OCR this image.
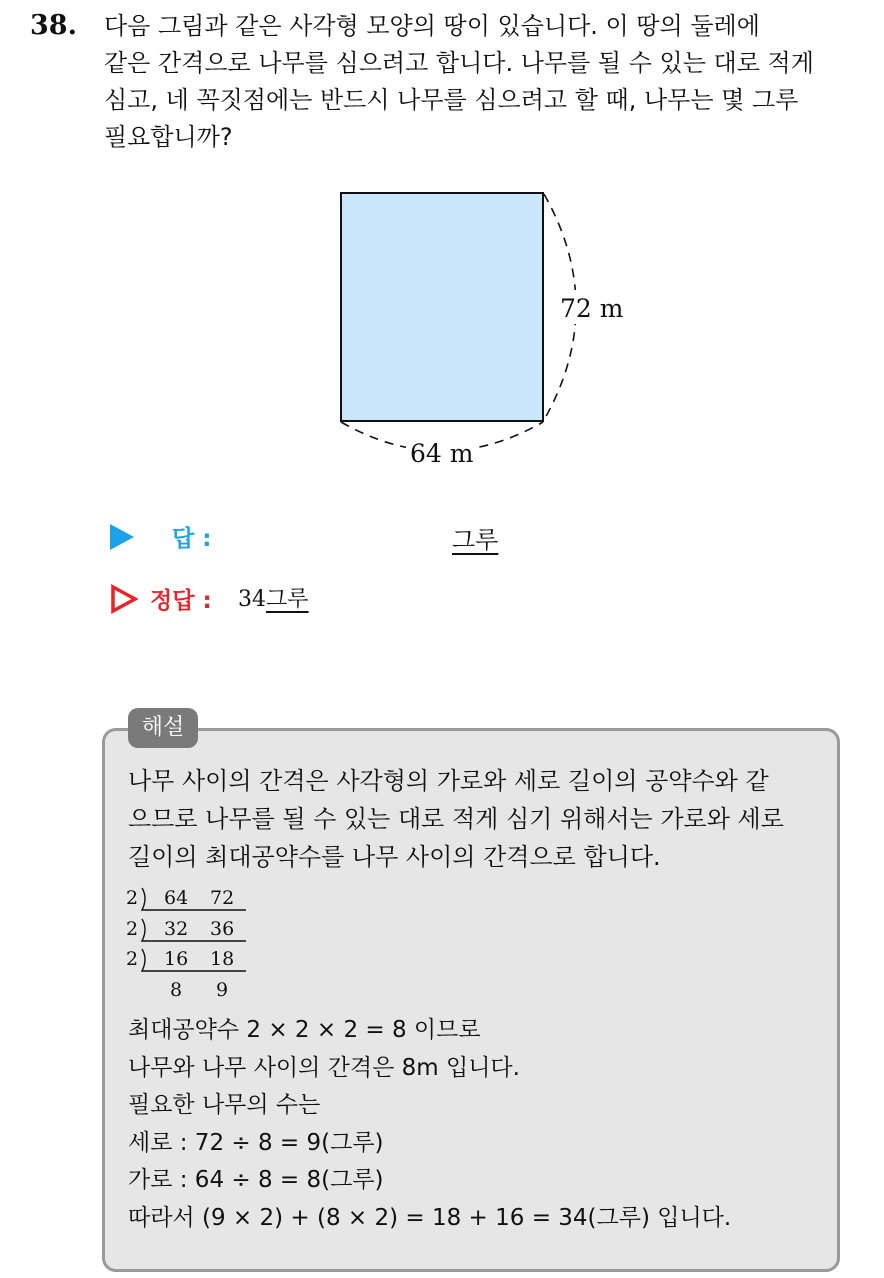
38. 다음 그림과 같은 사각형 모양의 땅이 있습니다. 이 땅의 둘레에
같은 간격으로 나무를 심으려고 합니다. 나무를 될 수 있는 대로 적게
심고, 네 꼭짓점에는 반드시 나무를 심으려고 할 때, 나무는 몇 그루
필요합니까?
72 m
64 m
답 :	그루
정답 : 34그루
해설
나무 사이의 간격은 사각형의 가로와 세로 길이의 공약수와 같
으므로 나무를 될 수 있는 대로 적게 심기 위해서는 가로와 세로
길이의 최대공약수를 나무 사이의 간격으로 합니다.
2 64 72
2 32 36
2 16 18
8 9
최대공약수 2 × 2 × 2 = 8 이므로
나무와 나무 사이의 간격은 8m 입니다.
필요한 나무의 수는
세로 : 72 ÷ 8 = 9(그루)
가로 : 64 ÷ 8 = 8(그루)
따라서 (9 × 2) + (8 × 2) = 18 + 16 = 34(그루) 입니다.
